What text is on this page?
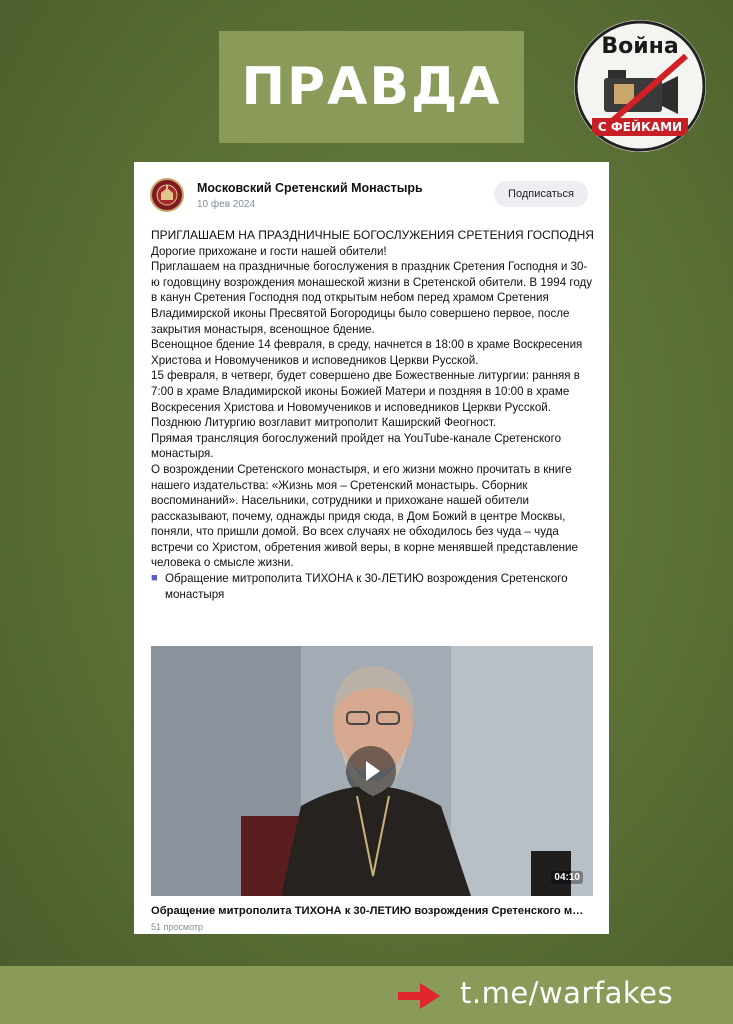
ПРАВДА
Война
С ФЕЙКАМИ
Московский Сретенский Монастырь
10 фев 2024
Подписаться

ПРИГЛАШАЕМ НА ПРАЗДНИЧНЫЕ БОГОСЛУЖЕНИЯ СРЕТЕНИЯ ГОСПОДНЯ

Дорогие прихожане и гости нашей обители!

Приглашаем на праздничные богослужения в праздник Сретения Господня и 30-ю годовщину возрождения монашеской жизни в Сретенской обители. В 1994 году в канун Сретения Господня под открытым небом перед храмом Сретения Владимирской иконы Пресвятой Богородицы было совершено первое, после закрытия монастыря, всенощное бдение.

Всенощное бдение 14 февраля, в среду, начнется в 18:00 в храме Воскресения Христова и Новомучеников и исповедников Церкви Русской.

15 февраля, в четверг, будет совершено две Божественные литургии: ранняя в 7:00 в храме Владимирской иконы Божией Матери и поздняя в 10:00 в храме Воскресения Христова и Новомучеников и исповедников Церкви Русской. Позднюю Литургию возглавит митрополит Каширский Феогност.

Прямая трансляция богослужений пройдет на YouTube-канале Сретенского монастыря.

О возрождении Сретенского монастыря, и его жизни можно прочитать в книге нашего издательства: «Жизнь моя – Сретенский монастырь. Сборник воспоминаний». Насельники, сотрудники и прихожане нашей обители рассказывают, почему, однажды придя сюда, в Дом Божий в центре Москвы, поняли, что пришли домой. Во всех случаях не обходилось без чуда – чуда встречи со Христом, обретения живой веры, в корне менявшей представление человека о смысле жизни.

■ Обращение митрополита ТИХОНА к 30-ЛЕТИЮ возрождения Сретенского монастыря
04:10
Обращение митрополита ТИХОНА к 30-ЛЕТИЮ возрождения Сретенского м…
51 просмотр
t.me/warfakes
